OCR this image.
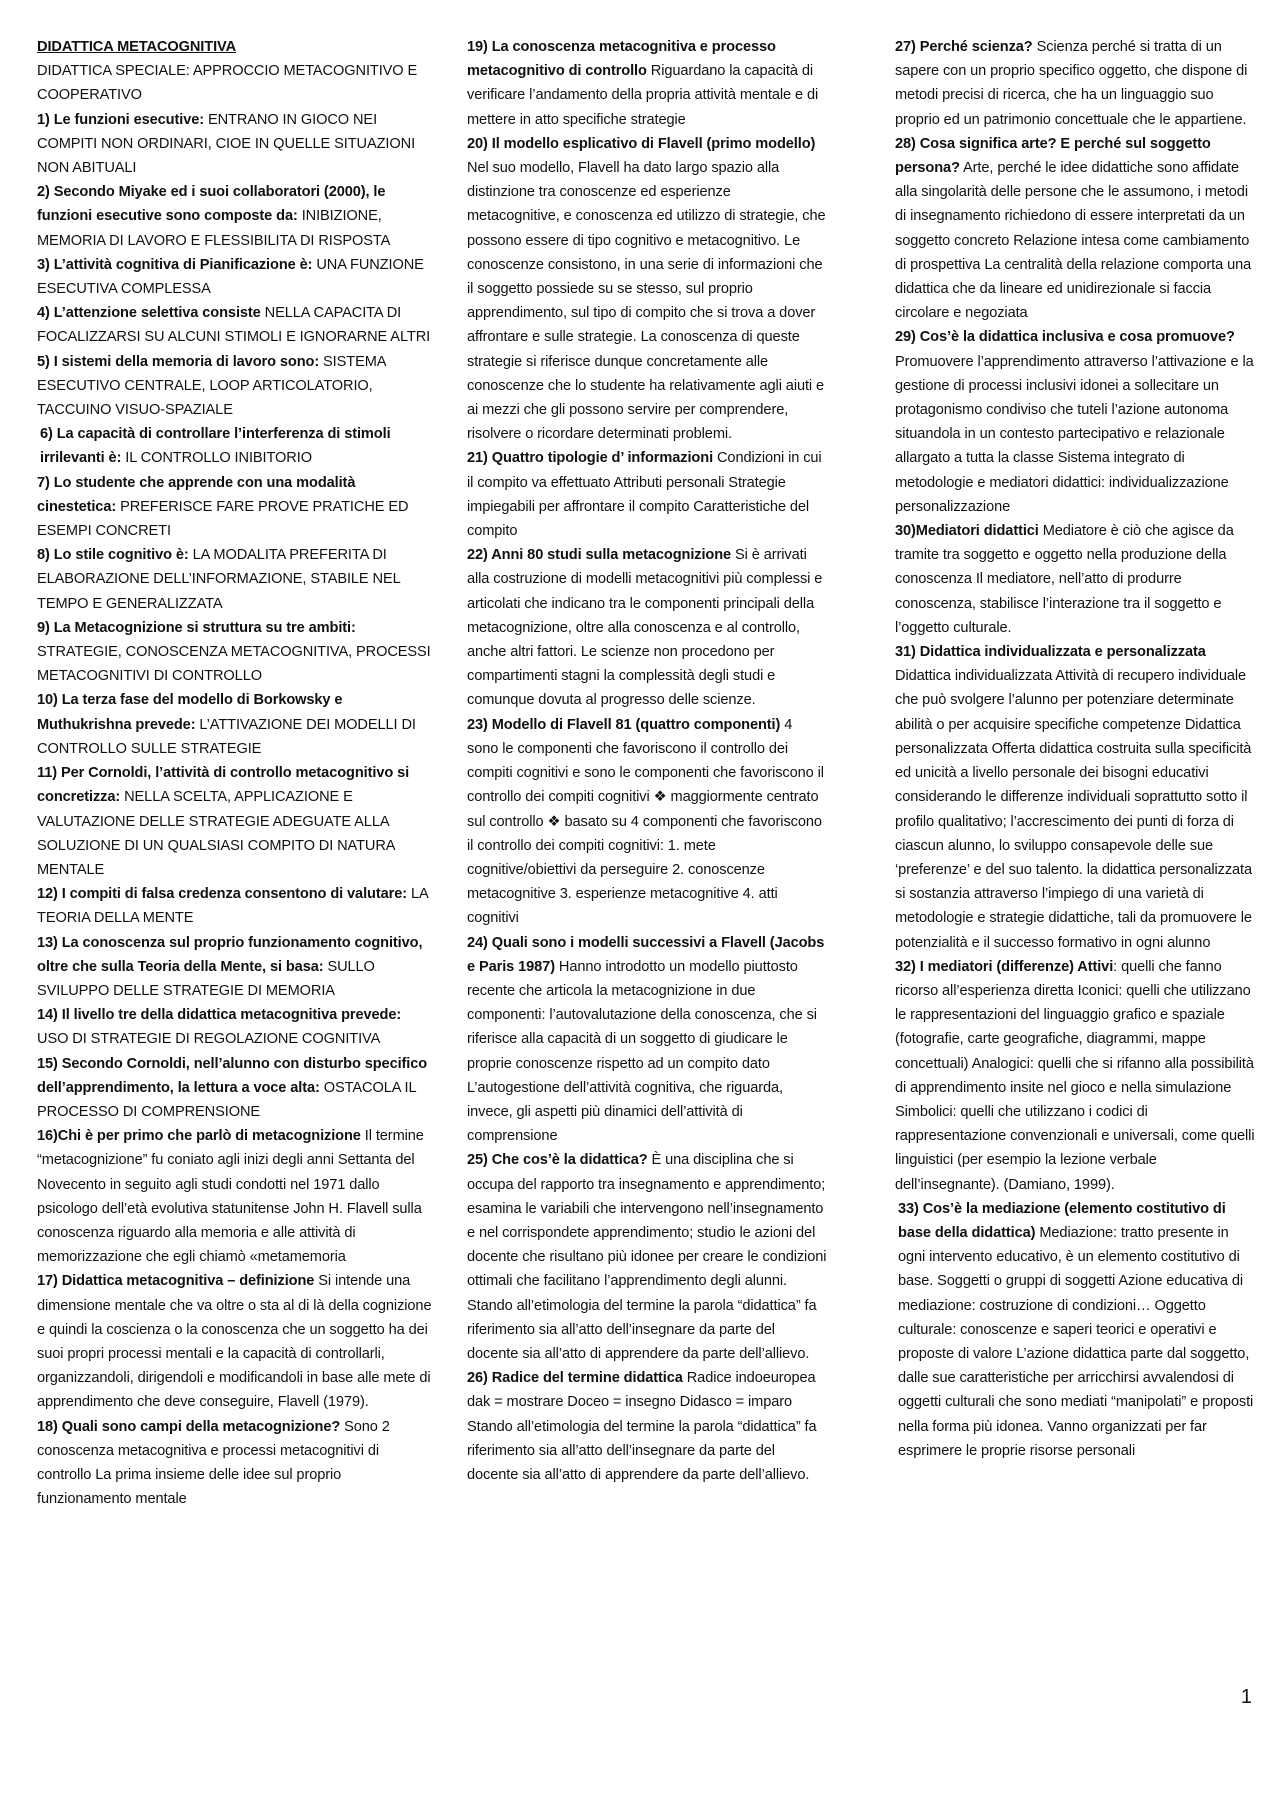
DIDATTICA METACOGNITIVA

DIDATTICA SPECIALE: APPROCCIO METACOGNITIVO E COOPERATIVO

1) Le funzioni esecutive: ENTRANO IN GIOCO NEI COMPITI NON ORDINARI, CIOE IN QUELLE SITUAZIONI NON ABITUALI

2) Secondo Miyake ed i suoi collaboratori (2000), le funzioni esecutive sono composte da: INIBIZIONE, MEMORIA DI LAVORO E FLESSIBILITA DI RISPOSTA

3) L’attività cognitiva di Pianificazione è: UNA FUNZIONE ESECUTIVA COMPLESSA

4) L’attenzione selettiva consiste NELLA CAPACITA DI FOCALIZZARSI SU ALCUNI STIMOLI E IGNORARNE ALTRI

5) I sistemi della memoria di lavoro sono: SISTEMA ESECUTIVO CENTRALE, LOOP ARTICOLATORIO, TACCUINO VISUO-SPAZIALE

6) La capacità di controllare l’interferenza di stimoli irrilevanti è: IL CONTROLLO INIBITORIO

7) Lo studente che apprende con una modalità cinestetica: PREFERISCE FARE PROVE PRATICHE ED ESEMPI CONCRETI

8) Lo stile cognitivo è: LA MODALITA PREFERITA DI ELABORAZIONE DELL’INFORMAZIONE, STABILE NEL TEMPO E GENERALIZZATA

9) La Metacognizione si struttura su tre ambiti: STRATEGIE, CONOSCENZA METACOGNITIVA, PROCESSI METACOGNITIVI DI CONTROLLO

10) La terza fase del modello di Borkowsky e Muthukrishna prevede: L’ATTIVAZIONE DEI MODELLI DI CONTROLLO SULLE STRATEGIE

11) Per Cornoldi, l’attività di controllo metacognitivo si concretizza: NELLA SCELTA, APPLICAZIONE E VALUTAZIONE DELLE STRATEGIE ADEGUATE ALLA SOLUZIONE DI UN QUALSIASI COMPITO DI NATURA MENTALE

12) I compiti di falsa credenza consentono di valutare: LA TEORIA DELLA MENTE

13) La conoscenza sul proprio funzionamento cognitivo, oltre che sulla Teoria della Mente, si basa: SULLO SVILUPPO DELLE STRATEGIE DI MEMORIA

14) Il livello tre della didattica metacognitiva prevede: USO DI STRATEGIE DI REGOLAZIONE COGNITIVA

15) Secondo Cornoldi, nell’alunno con disturbo specifico dell’apprendimento, la lettura a voce alta: OSTACOLA IL PROCESSO DI COMPRENSIONE

16)Chi è per primo che parlò di metacognizione Il termine “metacognizione” fu coniato agli inizi degli anni Settanta del Novecento in seguito agli studi condotti nel 1971 dallo psicologo dell’età evolutiva statunitense John H. Flavell sulla conoscenza riguardo alla memoria e alle attività di memorizzazione che egli chiamò «metamemoria

17) Didattica metacognitiva – definizione Si intende una dimensione mentale che va oltre o sta al di là della cognizione e quindi la coscienza o la conoscenza che un soggetto ha dei suoi propri processi mentali e la capacità di controllarli, organizzandoli, dirigendoli e modificandoli in base alle mete di apprendimento che deve conseguire, Flavell (1979).

18) Quali sono campi della metacognizione? Sono 2 conoscenza metacognitiva e processi metacognitivi di controllo La prima insieme delle idee sul proprio funzionamento mentale

19) La conoscenza metacognitiva e processo metacognitivo di controllo Riguardano la capacità di verificare l’andamento della propria attività mentale e di mettere in atto specifiche strategie

20) Il modello esplicativo di Flavell (primo modello) Nel suo modello, Flavell ha dato largo spazio alla distinzione tra conoscenze ed esperienze metacognitive, e conoscenza ed utilizzo di strategie, che possono essere di tipo cognitivo e metacognitivo. Le conoscenze consistono, in una serie di informazioni che il soggetto possiede su se stesso, sul proprio apprendimento, sul tipo di compito che si trova a dover affrontare e sulle strategie. La conoscenza di queste strategie si riferisce dunque concretamente alle conoscenze che lo studente ha relativamente agli aiuti e ai mezzi che gli possono servire per comprendere, risolvere o ricordare determinati problemi.

21) Quattro tipologie d’ informazioni Condizioni in cui il compito va effettuato Attributi personali Strategie impiegabili per affrontare il compito Caratteristiche del compito

22) Anni 80 studi sulla metacognizione Si è arrivati alla costruzione di modelli metacognitivi più complessi e articolati che indicano tra le componenti principali della metacognizione, oltre alla conoscenza e al controllo, anche altri fattori. Le scienze non procedono per compartimenti stagni la complessità degli studi e comunque dovuta al progresso delle scienze.

23) Modello di Flavell 81 (quattro componenti) 4 sono le componenti che favoriscono il controllo dei compiti cognitivi e sono le componenti che favoriscono il controllo dei compiti cognitivi ❖ maggiormente centrato sul controllo ❖ basato su 4 componenti che favoriscono il controllo dei compiti cognitivi: 1. mete cognitive/obiettivi da perseguire 2. conoscenze metacognitive 3. esperienze metacognitive 4. atti cognitivi

24) Quali sono i modelli successivi a Flavell (Jacobs e Paris 1987) Hanno introdotto un modello piuttosto recente che articola la metacognizione in due componenti: l’autovalutazione della conoscenza, che si riferisce alla capacità di un soggetto di giudicare le proprie conoscenze rispetto ad un compito dato L’autogestione dell’attività cognitiva, che riguarda, invece, gli aspetti più dinamici dell’attività di comprensione

25) Che cos’è la didattica? È una disciplina che si occupa del rapporto tra insegnamento e apprendimento; esamina le variabili che intervengono nell’insegnamento e nel corrispondete apprendimento; studio le azioni del docente che risultano più idonee per creare le condizioni ottimali che facilitano l’apprendimento degli alunni. Stando all’etimologia del termine la parola “didattica” fa riferimento sia all’atto dell’insegnare da parte del docente sia all’atto di apprendere da parte dell’allievo.

26) Radice del termine didattica Radice indoeuropea dak = mostrare Doceo = insegno Didasco = imparo Stando all’etimologia del termine la parola “didattica” fa riferimento sia all’atto dell’insegnare da parte del docente sia all’atto di apprendere da parte dell’allievo.

27) Perché scienza? Scienza perché si tratta di un sapere con un proprio specifico oggetto, che dispone di metodi precisi di ricerca, che ha un linguaggio suo proprio ed un patrimonio concettuale che le appartiene. 28) Cosa significa arte? E perché sul soggetto persona? Arte, perché le idee didattiche sono affidate alla singolarità delle persone che le assumono, i metodi di insegnamento richiedono di essere interpretati da un soggetto concreto Relazione intesa come cambiamento di prospettiva La centralità della relazione comporta una didattica che da lineare ed unidirezionale si faccia circolare e negoziata

29) Cos’è la didattica inclusiva e cosa promuove? Promuovere l’apprendimento attraverso l’attivazione e la gestione di processi inclusivi idonei a sollecitare un protagonismo condiviso che tuteli l’azione autonoma situandola in un contesto partecipativo e relazionale allargato a tutta la classe Sistema integrato di metodologie e mediatori didattici: individualizzazione personalizzazione

30)Mediatori didattici Mediatore è ciò che agisce da tramite tra soggetto e oggetto nella produzione della conoscenza Il mediatore, nell’atto di produrre conoscenza, stabilisce l’interazione tra il soggetto e l’oggetto culturale.

31) Didattica individualizzata e personalizzata Didattica individualizzata Attività di recupero individuale che può svolgere l’alunno per potenziare determinate abilità o per acquisire specifiche competenze Didattica personalizzata Offerta didattica costruita sulla specificità ed unicità a livello personale dei bisogni educativi considerando le differenze individuali soprattutto sotto il profilo qualitativo; l’accrescimento dei punti di forza di ciascun alunno, lo sviluppo consapevole delle sue ‘preferenze’ e del suo talento. la didattica personalizzata si sostanzia attraverso l’impiego di una varietà di metodologie e strategie didattiche, tali da promuovere le potenzialità e il successo formativo in ogni alunno

32) I mediatori (differenze) Attivi: quelli che fanno ricorso all’esperienza diretta Iconici: quelli che utilizzano le rappresentazioni del linguaggio grafico e spaziale (fotografie, carte geografiche, diagrammi, mappe concettuali) Analogici: quelli che si rifanno alla possibilità di apprendimento insite nel gioco e nella simulazione Simbolici: quelli che utilizzano i codici di rappresentazione convenzionali e universali, come quelli linguistici (per esempio la lezione verbale dell’insegnante). (Damiano, 1999).

33) Cos’è la mediazione (elemento costitutivo di base della didattica) Mediazione: tratto presente in ogni intervento educativo, è un elemento costitutivo di base. Soggetti o gruppi di soggetti Azione educativa di mediazione: costruzione di condizioni… Oggetto culturale: conoscenze e saperi teorici e operativi e proposte di valore L’azione didattica parte dal soggetto, dalle sue caratteristiche per arricchirsi avvalendosi di oggetti culturali che sono mediati “manipolati” e proposti nella forma più idonea. Vanno organizzati per far esprimere le proprie risorse personali

1
